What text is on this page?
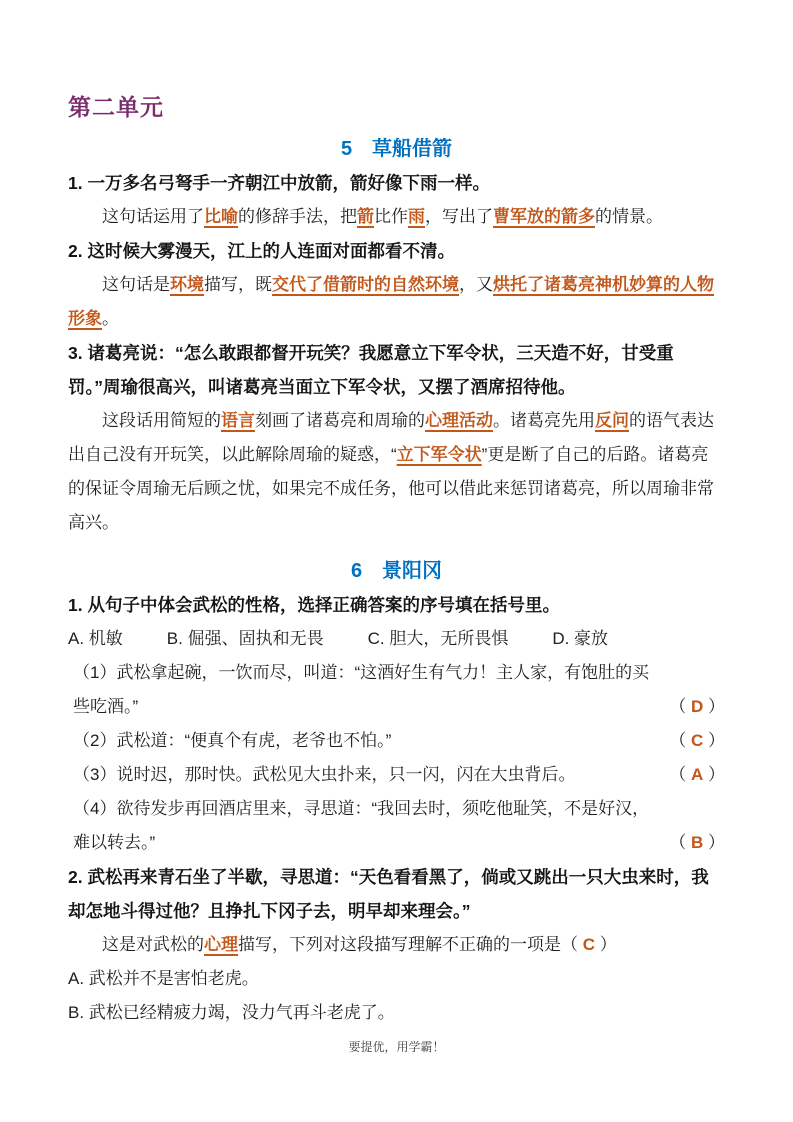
第二单元
5　草船借箭
1. 一万多名弓弩手一齐朝江中放箭，箭好像下雨一样。
这句话运用了比喻的修辞手法，把箭比作雨，写出了曹军放的箭多的情景。
2. 这时候大雾漫天，江上的人连面对面都看不清。
这句话是环境描写，既交代了借箭时的自然环境，又烘托了诸葛亮神机妙算的人物形象。
3. 诸葛亮说：“怎么敢跟都督开玩笑？我愿意立下军令状，三天造不好，甘受重罚。”周瑜很高兴，叫诸葛亮当面立下军令状，又摆了酒席招待他。
这段话用简短的语言刻画了诸葛亮和周瑜的心理活动。诸葛亮先用反问的语气表达出自己没有开玩笑，以此解除周瑜的疑惑，“立下军令状”更是断了自己的后路。诸葛亮的保证令周瑜无后顾之忧，如果完不成任务，他可以借此来惩罚诸葛亮，所以周瑜非常高兴。
6　景阳冈
1. 从句子中体会武松的性格，选择正确答案的序号填在括号里。
A. 机敏	B. 倔强、固执和无畏	C. 胆大，无所畏惧	D. 豪放
（1）武松拿起碗，一饮而尽，叫道：“这酒好生有气力！主人家，有饱肚的买些吃酒。”	（ D ）
（2）武松道：“便真个有虎，老爷也不怕。”	（ C ）
（3）说时迟，那时快。武松见大虫扑来，只一闪，闪在大虫背后。	（ A ）
（4）欲待发步再回酒店里来，寻思道：“我回去时，须吃他耻笑，不是好汉，难以转去。”	（ B ）
2. 武松再来青石坐了半歇，寻思道：“天色看看黑了，倘或又跳出一只大虫来时，我却怎地斗得过他？且挣扎下冈子去，明早却来理会。”
这是对武松的心理描写，下列对这段描写理解不正确的一项是（ C ）
A. 武松并不是害怕老虎。
B. 武松已经精疲力竭，没力气再斗老虎了。
要提优，用学霸！
